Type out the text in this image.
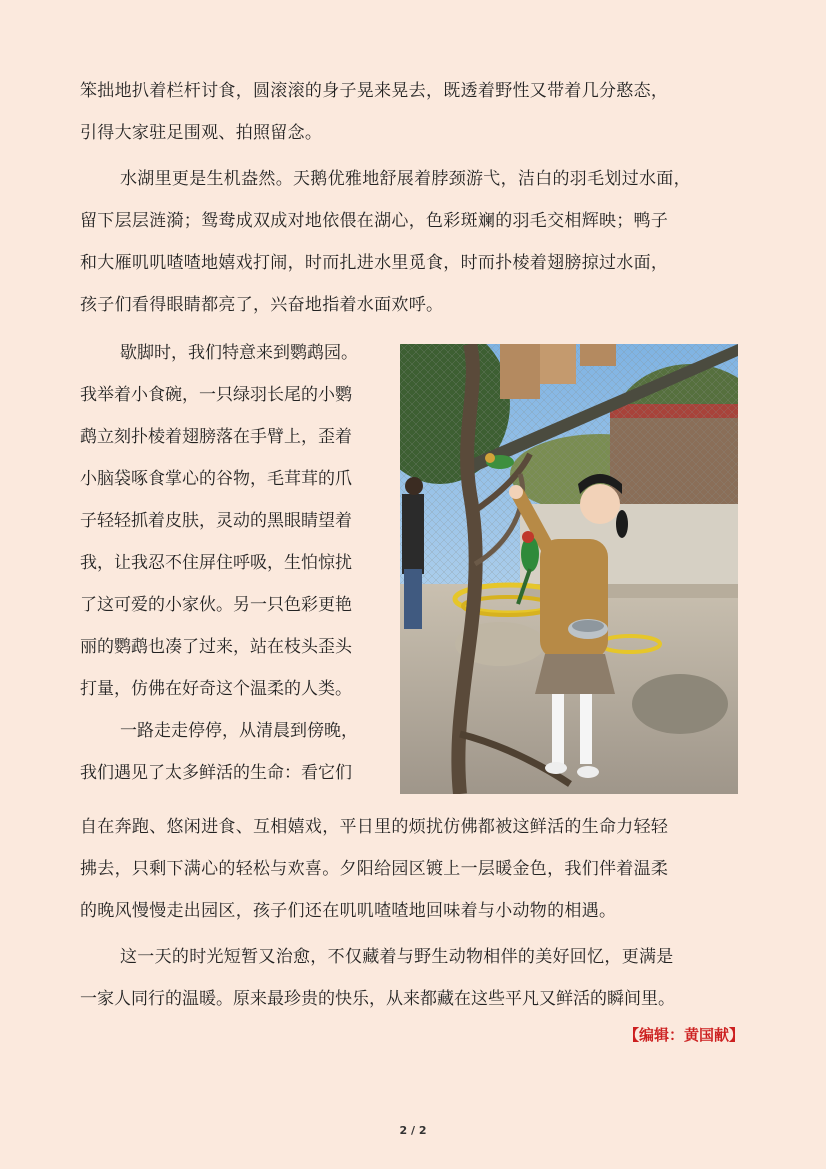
笨拙地扒着栏杆讨食，圆滚滚的身子晃来晃去，既透着野性又带着几分憨态，
引得大家驻足围观、拍照留念。
水湖里更是生机盎然。天鹅优雅地舒展着脖颈游弋，洁白的羽毛划过水面，
留下层层涟漪；鸳鸯成双成对地依偎在湖心，色彩斑斓的羽毛交相辉映；鸭子
和大雁叽叽喳喳地嬉戏打闹，时而扎进水里觅食，时而扑棱着翅膀掠过水面，
孩子们看得眼睛都亮了，兴奋地指着水面欢呼。
歇脚时，我们特意来到鹦鹉园。
我举着小食碗，一只绿羽长尾的小鹦
鹉立刻扑棱着翅膀落在手臂上，歪着
小脑袋啄食掌心的谷物，毛茸茸的爪
子轻轻抓着皮肤，灵动的黑眼睛望着
我，让我忍不住屏住呼吸，生怕惊扰
了这可爱的小家伙。另一只色彩更艳
丽的鹦鹉也凑了过来，站在枝头歪头
打量，仿佛在好奇这个温柔的人类。
一路走走停停，从清晨到傍晚，
我们遇见了太多鲜活的生命：看它们
自在奔跑、悠闲进食、互相嬉戏，平日里的烦扰仿佛都被这鲜活的生命力轻轻
拂去，只剩下满心的轻松与欢喜。夕阳给园区镀上一层暖金色，我们伴着温柔
的晚风慢慢走出园区，孩子们还在叽叽喳喳地回味着与小动物的相遇。
这一天的时光短暂又治愈，不仅藏着与野生动物相伴的美好回忆，更满是
一家人同行的温暖。原来最珍贵的快乐，从来都藏在这些平凡又鲜活的瞬间里。
【编辑：黄国献】
2 / 2
